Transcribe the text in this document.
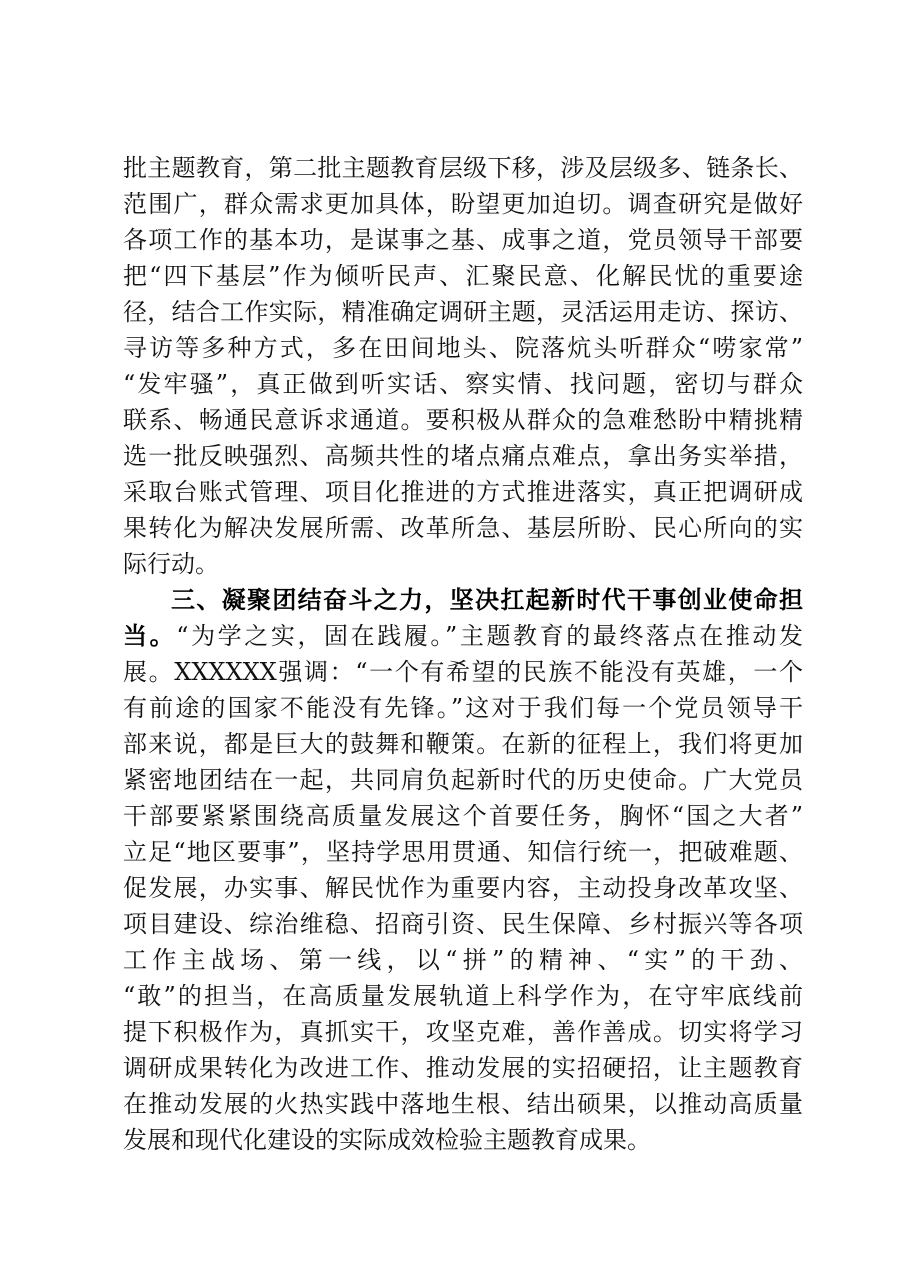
批主题教育，第二批主题教育层级下移，涉及层级多、链条长、
范围广，群众需求更加具体，盼望更加迫切。调查研究是做好
各项工作的基本功，是谋事之基、成事之道，党员领导干部要
把“四下基层”作为倾听民声、汇聚民意、化解民忧的重要途
径，结合工作实际，精准确定调研主题，灵活运用走访、探访、
寻访等多种方式，多在田间地头、院落炕头听群众“唠家常”
“发牢骚”，真正做到听实话、察实情、找问题，密切与群众
联系、畅通民意诉求通道。要积极从群众的急难愁盼中精挑精
选一批反映强烈、高频共性的堵点痛点难点，拿出务实举措，
采取台账式管理、项目化推进的方式推进落实，真正把调研成
果转化为解决发展所需、改革所急、基层所盼、民心所向的实
际行动。
三、凝聚团结奋斗之力，坚决扛起新时代干事创业使命担
当。“为学之实，固在践履。”主题教育的最终落点在推动发
展。XXXXXX强调：“一个有希望的民族不能没有英雄，一个
有前途的国家不能没有先锋。”这对于我们每一个党员领导干
部来说，都是巨大的鼓舞和鞭策。在新的征程上，我们将更加
紧密地团结在一起，共同肩负起新时代的历史使命。广大党员
干部要紧紧围绕高质量发展这个首要任务，胸怀“国之大者”
立足“地区要事”，坚持学思用贯通、知信行统一，把破难题、
促发展，办实事、解民忧作为重要内容，主动投身改革攻坚、
项目建设、综治维稳、招商引资、民生保障、乡村振兴等各项
工作主战场、第一线，以“拼”的精神、“实”的干劲、
“敢”的担当，在高质量发展轨道上科学作为，在守牢底线前
提下积极作为，真抓实干，攻坚克难，善作善成。切实将学习
调研成果转化为改进工作、推动发展的实招硬招，让主题教育
在推动发展的火热实践中落地生根、结出硕果，以推动高质量
发展和现代化建设的实际成效检验主题教育成果。
